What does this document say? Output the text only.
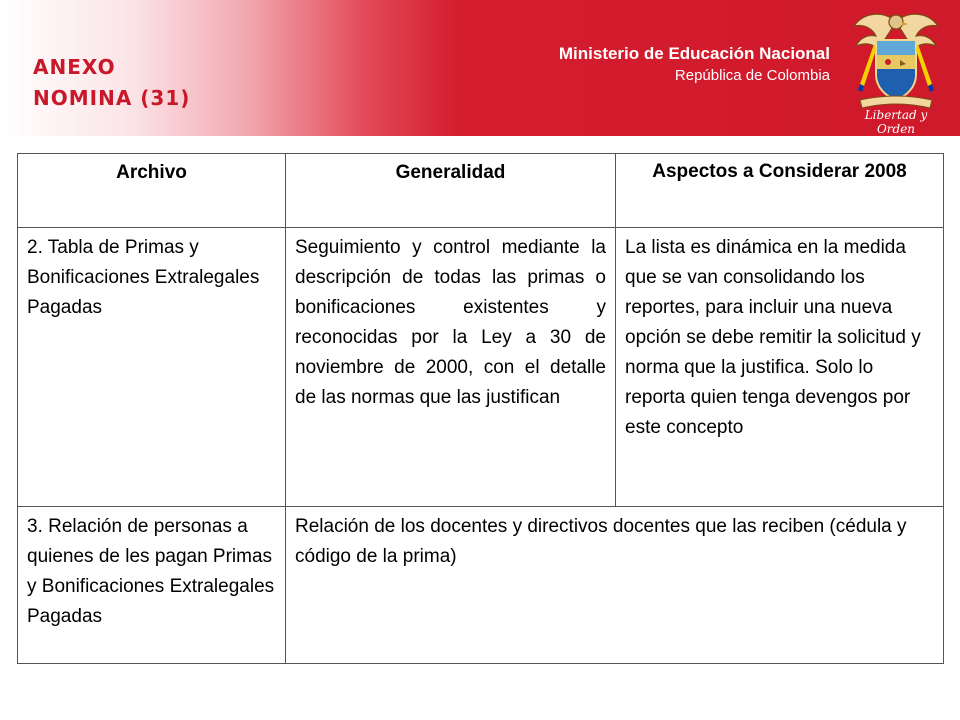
ANEXO
NOMINA (31)
Ministerio de Educación Nacional
República de Colombia
Libertad y Orden
Archivo	Generalidad	Aspectos a Considerar 2008
2. Tabla de Primas y Bonificaciones Extralegales Pagadas	Seguimiento y control mediante la descripción de todas las primas o bonificaciones existentes y reconocidas por la Ley a 30 de noviembre de 2000, con el detalle de las normas que las justifican	La lista es dinámica en la medida que se van consolidando los reportes, para incluir una nueva opción se debe remitir la solicitud y norma que la justifica. Solo lo reporta quien tenga devengos por este concepto
3. Relación de personas a quienes de les pagan Primas y Bonificaciones Extralegales Pagadas	Relación de los docentes y directivos docentes que las reciben (cédula y código de la prima)	
